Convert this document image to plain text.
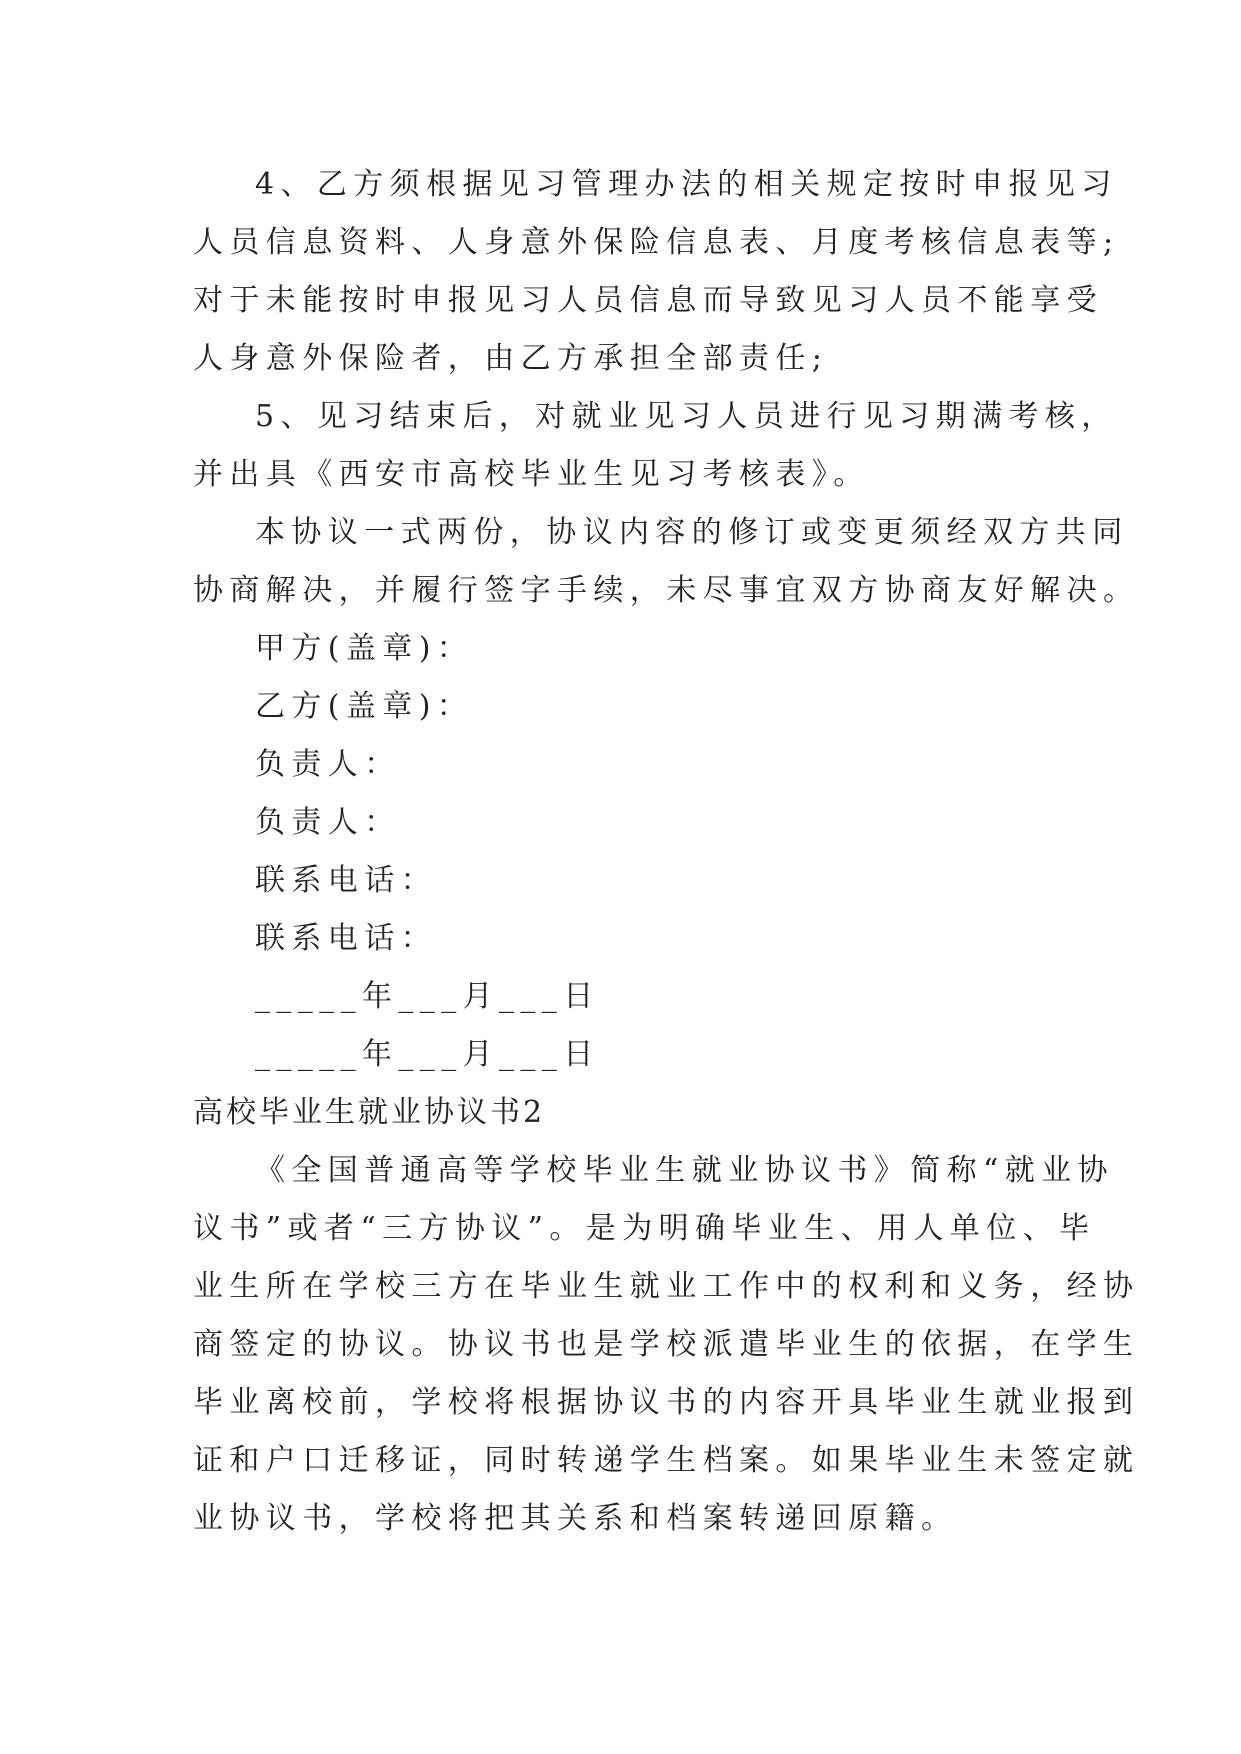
4、乙方须根据见习管理办法的相关规定按时申报见习
人员信息资料、人身意外保险信息表、月度考核信息表等;
对于未能按时申报见习人员信息而导致见习人员不能享受
人身意外保险者，由乙方承担全部责任;
5、见习结束后，对就业见习人员进行见习期满考核，
并出具《西安市高校毕业生见习考核表》。
本协议一式两份，协议内容的修订或变更须经双方共同
协商解决，并履行签字手续，未尽事宜双方协商友好解决。
甲方(盖章)：
乙方(盖章)：
负责人：
负责人：
联系电话：
联系电话：
_____年___月___日
_____年___月___日
高校毕业生就业协议书2
《全国普通高等学校毕业生就业协议书》简称“就业协
议书”或者“三方协议”。是为明确毕业生、用人单位、毕
业生所在学校三方在毕业生就业工作中的权利和义务，经协
商签定的协议。协议书也是学校派遣毕业生的依据，在学生
毕业离校前，学校将根据协议书的内容开具毕业生就业报到
证和户口迁移证，同时转递学生档案。如果毕业生未签定就
业协议书，学校将把其关系和档案转递回原籍。
